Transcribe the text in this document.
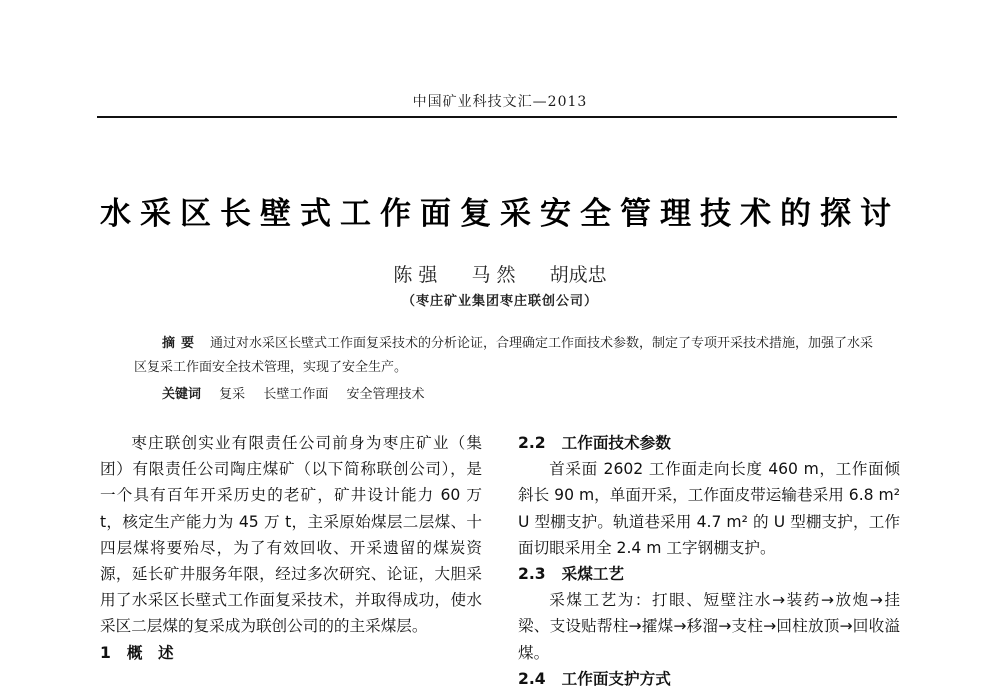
中国矿业科技文汇—2013
水采区长壁式工作面复采安全管理技术的探讨
陈 强 马 然 胡成忠
（枣庄矿业集团枣庄联创公司）
摘要 通过对水采区长壁式工作面复采技术的分析论证，合理确定工作面技术参数，制定了专项开采技术措施，加强了水采区复采工作面安全技术管理，实现了安全生产。
关键词 复采 长壁工作面 安全管理技术

枣庄联创实业有限责任公司前身为枣庄矿业（集团）有限责任公司陶庄煤矿（以下简称联创公司），是一个具有百年开采历史的老矿，矿井设计能力 60 万 t，核定生产能力为 45 万 t，主采原始煤层二层煤、十四层煤将要殆尽，为了有效回收、开采遗留的煤炭资源，延长矿井服务年限，经过多次研究、论证，大胆采用了水采区长壁式工作面复采技术，并取得成功，使水采区二层煤的复采成为联创公司的的主采煤层。

1 概　述
2.2 工作面技术参数

首采面 2602 工作面走向长度 460 m，工作面倾斜长 90 m，单面开采，工作面皮带运输巷采用 6.8 m² U 型棚支护。轨道巷采用 4.7 m² 的 U 型棚支护，工作面切眼采用全 2.4 m 工字钢棚支护。

2.3 采煤工艺

采煤工艺为：打眼、短壁注水→装药→放炮→挂梁、支设贴帮柱→攉煤→移溜→支柱→回柱放顶→回收溢煤。

2.4 工作面支护方式
